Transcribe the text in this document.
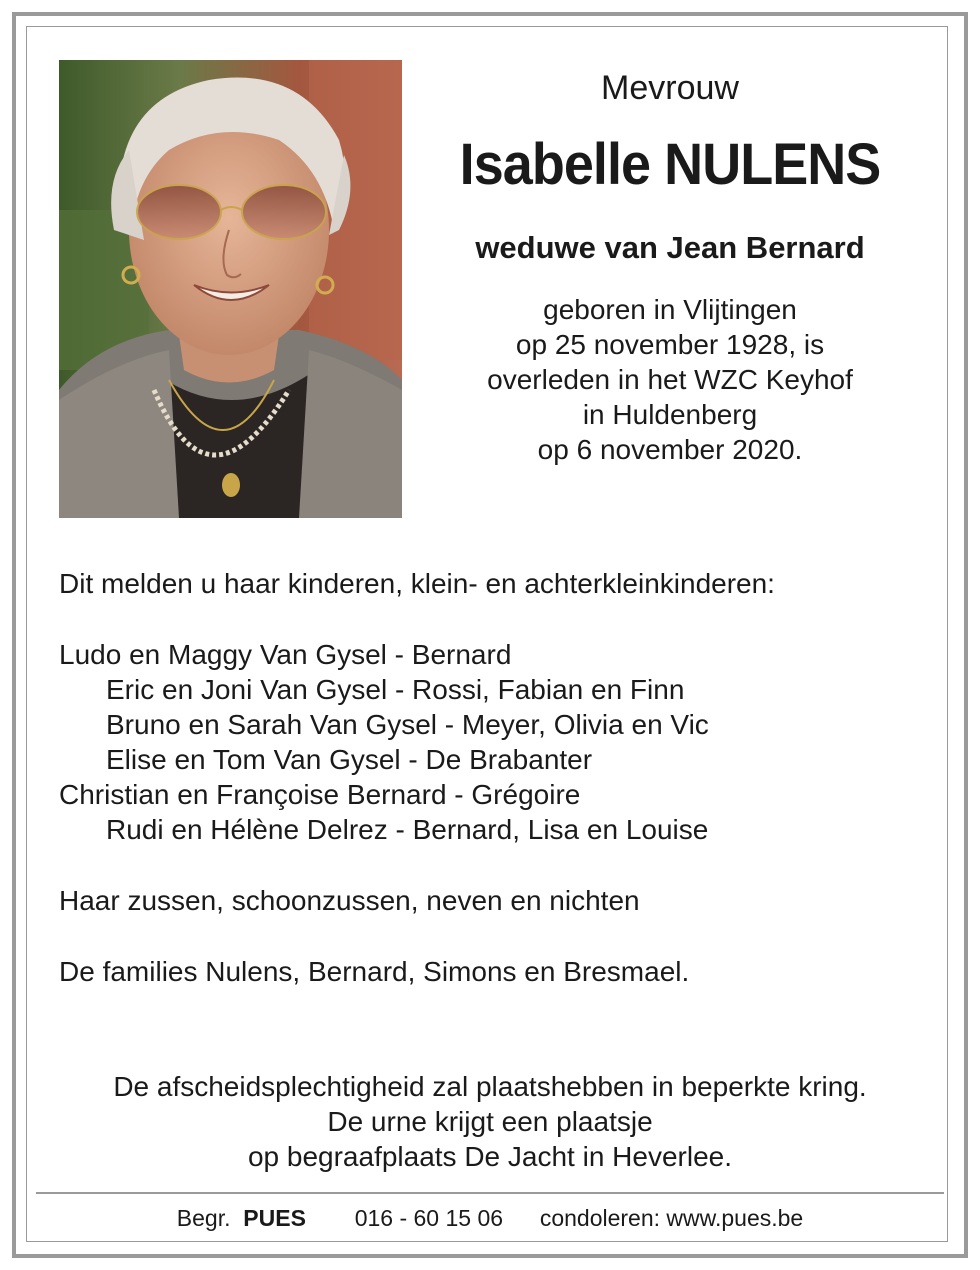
Mevrouw
Isabelle NULENS
weduwe van Jean Bernard
geboren in Vlijtingen
op 25 november 1928, is
overleden in het WZC Keyhof
in Huldenberg
op 6 november 2020.
Dit melden u haar kinderen, klein- en achterkleinkinderen:
Ludo en Maggy Van Gysel - Bernard
Eric en Joni Van Gysel - Rossi, Fabian en Finn
Bruno en Sarah Van Gysel - Meyer, Olivia en Vic
Elise en Tom Van Gysel - De Brabanter
Christian en Françoise Bernard - Grégoire
Rudi en Hélène Delrez - Bernard, Lisa en Louise
Haar zussen, schoonzussen, neven en nichten
De families Nulens, Bernard, Simons en Bresmael.
De afscheidsplechtigheid zal plaatshebben in beperkte kring.
De urne krijgt een plaatsje
op begraafplaats De Jacht in Heverlee.
Begr.  PUES 016 - 60 15 06 condoleren: www.pues.be
